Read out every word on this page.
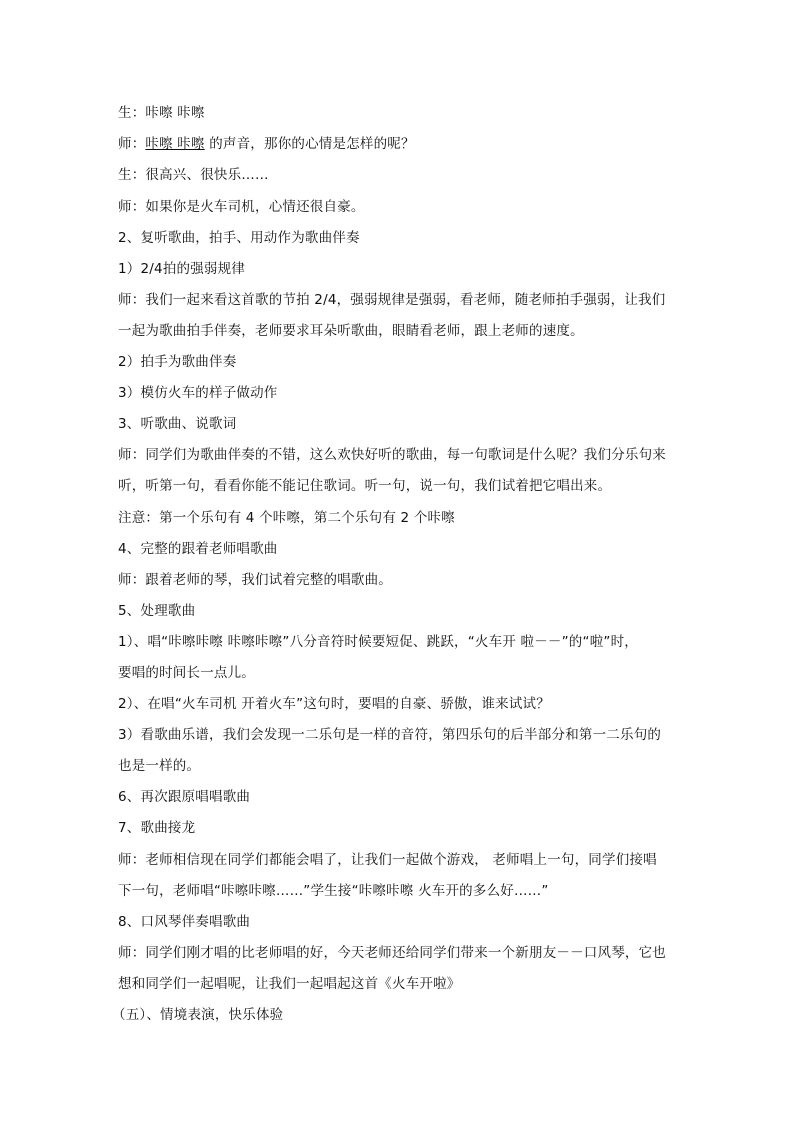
生：咔嚓 咔嚓
师：咔嚓 咔嚓 的声音，那你的心情是怎样的呢？
生：很高兴、很快乐……
师：如果你是火车司机，心情还很自豪。
2、复听歌曲，拍手、用动作为歌曲伴奏
1）2/4拍的强弱规律
师：我们一起来看这首歌的节拍 2/4，强弱规律是强弱，看老师，随老师拍手强弱，让我们
一起为歌曲拍手伴奏，老师要求耳朵听歌曲，眼睛看老师，跟上老师的速度。
2）拍手为歌曲伴奏
3）模仿火车的样子做动作
3、听歌曲、说歌词
师：同学们为歌曲伴奏的不错，这么欢快好听的歌曲，每一句歌词是什么呢？我们分乐句来
听，听第一句，看看你能不能记住歌词。听一句，说一句，我们试着把它唱出来。
注意：第一个乐句有 4 个咔嚓，第二个乐句有 2 个咔嚓
4、完整的跟着老师唱歌曲
师：跟着老师的琴，我们试着完整的唱歌曲。
5、处理歌曲
1）、唱“咔嚓咔嚓 咔嚓咔嚓”八分音符时候要短促、跳跃，“火车开 啦－－”的“啦”时，
要唱的时间长一点儿。
2）、在唱“火车司机 开着火车”这句时，要唱的自豪、骄傲，谁来试试？
3）看歌曲乐谱，我们会发现一二乐句是一样的音符，第四乐句的后半部分和第一二乐句的
也是一样的。
6、再次跟原唱唱歌曲
7、歌曲接龙
师：老师相信现在同学们都能会唱了，让我们一起做个游戏， 老师唱上一句，同学们接唱
下一句，老师唱“咔嚓咔嚓……”学生接“咔嚓咔嚓 火车开的多么好……”
8、口风琴伴奏唱歌曲
师：同学们刚才唱的比老师唱的好，今天老师还给同学们带来一个新朋友－－口风琴，它也
想和同学们一起唱呢，让我们一起唱起这首《火车开啦》
（五）、情境表演，快乐体验
